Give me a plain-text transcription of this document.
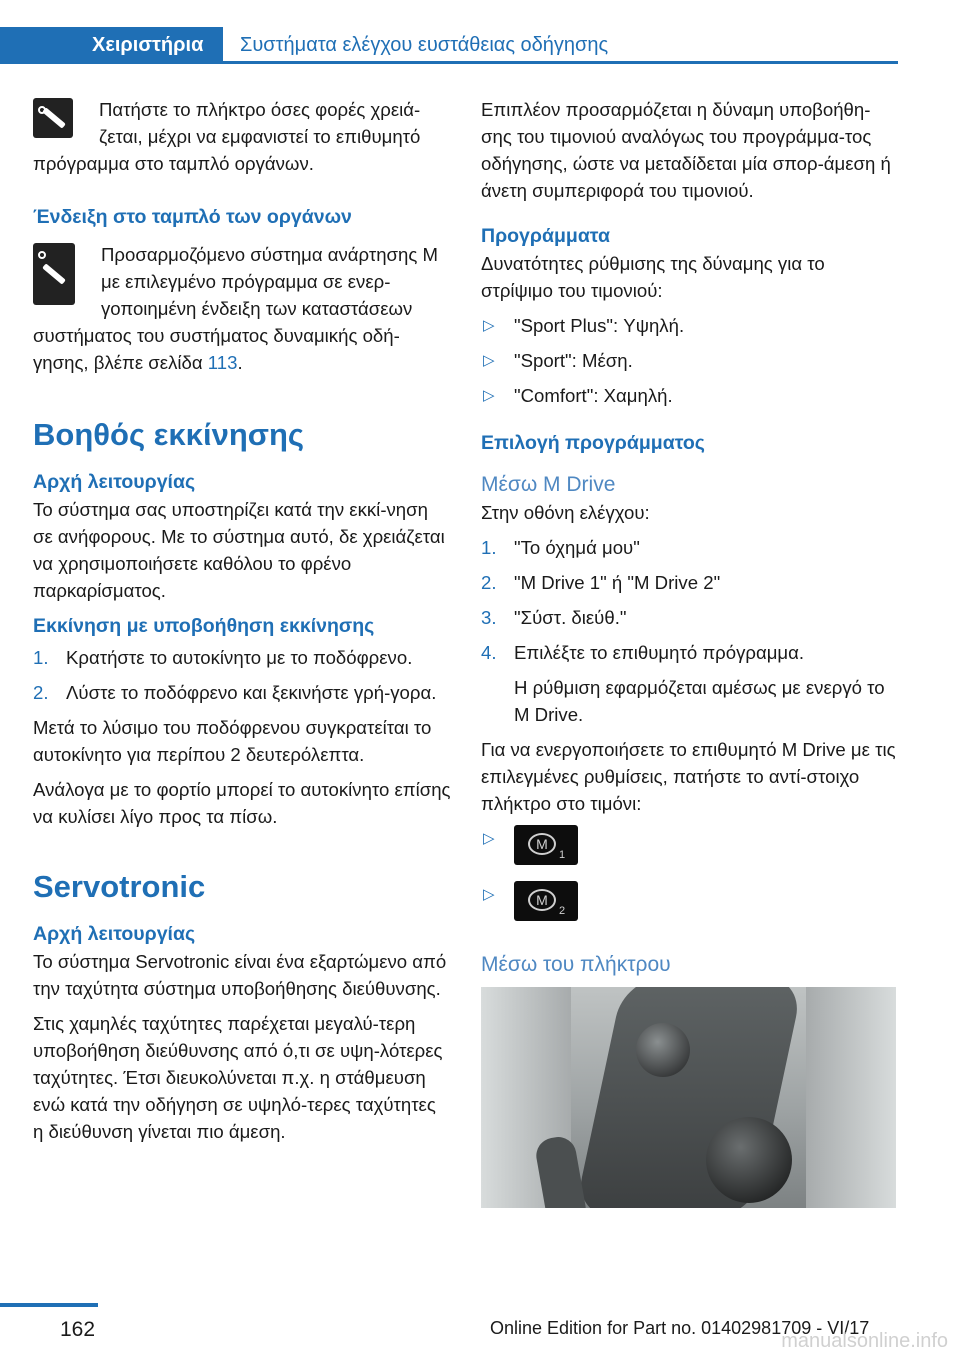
Χειριστήρια	Συστήματα ελέγχου ευστάθειας οδήγησης

Πατήστε το πλήκτρο όσες φορές χρειά-ζεται, μέχρι να εμφανιστεί το επιθυμητό πρόγραμμα στο ταμπλό οργάνων.

Ένδειξη στο ταμπλό των οργάνων

Προσαρμοζόμενο σύστημα ανάρτησης M με επιλεγμένο πρόγραμμα σε ενερ-γοποιημένη ένδειξη των καταστάσεων συστήματος του συστήματος δυναμικής οδή-γησης, βλέπε σελίδα 113.

Βοηθός εκκίνησης
Αρχή λειτουργίας

Το σύστημα σας υποστηρίζει κατά την εκκί-νηση σε ανήφορους. Με το σύστημα αυτό, δε χρειάζεται να χρησιμοποιήσετε καθόλου το φρένο παρκαρίσματος.

Εκκίνηση με υποβοήθηση εκκίνησης
1. Κρατήστε το αυτοκίνητο με το ποδόφρενο.
2. Λύστε το ποδόφρενο και ξεκινήστε γρή-γορα.

Μετά το λύσιμο του ποδόφρενου συγκρατείται το αυτοκίνητο για περίπου 2 δευτερόλεπτα.

Ανάλογα με το φορτίο μπορεί το αυτοκίνητο επίσης να κυλίσει λίγο προς τα πίσω.

Servotronic
Αρχή λειτουργίας

Το σύστημα Servotronic είναι ένα εξαρτώμενο από την ταχύτητα σύστημα υποβοήθησης διεύθυνσης.

Στις χαμηλές ταχύτητες παρέχεται μεγαλύ-τερη υποβοήθηση διεύθυνσης από ό,τι σε υψη-λότερες ταχύτητες. Έτσι διευκολύνεται π.χ. η στάθμευση ενώ κατά την οδήγηση σε υψηλό-τερες ταχύτητες η διεύθυνση γίνεται πιο άμεση.

Επιπλέον προσαρμόζεται η δύναμη υποβοήθη-σης του τιμονιού αναλόγως του προγράμμα-τος οδήγησης, ώστε να μεταδίδεται μία σπορ-άμεση ή άνετη συμπεριφορά του τιμονιού.

Προγράμματα

Δυνατότητες ρύθμισης της δύναμης για το στρίψιμο του τιμονιού:

▷ "Sport Plus": Υψηλή.
▷ "Sport": Μέση.
▷ "Comfort": Χαμηλή.
Επιλογή προγράμματος
Μέσω M Drive

Στην οθόνη ελέγχου:

1. "Το όχημά μου"
2. "M Drive 1" ή "M Drive 2"
3. "Σύστ. διεύθ."
4. Επιλέξτε το επιθυμητό πρόγραμμα.

Η ρύθμιση εφαρμόζεται αμέσως με ενεργό το M Drive.

Για να ενεργοποιήσετε το επιθυμητό M Drive με τις επιλεγμένες ρυθμίσεις, πατήστε το αντί-στοιχο πλήκτρο στο τιμόνι:

▷	M
1
▷	M
2
Μέσω του πλήκτρου
162	Online Edition for Part no. 01402981709 - VI/17
manualsonline.info
